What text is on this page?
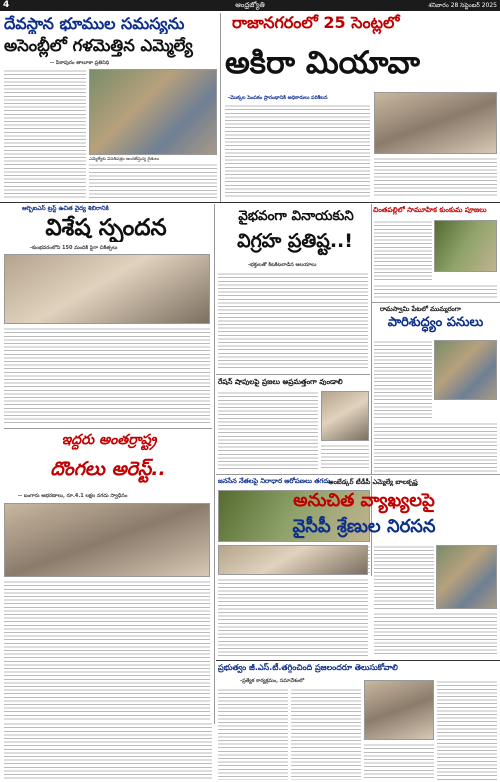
4	ఆంధ్రజ్యోతి	శనివారం 28 సెప్టెంబర్ 2025
దేవస్థాన భూముల సమస్యను
అసెంబ్లీలో గళమెత్తిన ఎమ్మెల్యే
-- పిఠాపురం తాలూకా ప్రతినిధి
ఎమ్మెల్యేకు వినతిపత్రం అందజేస్తున్న రైతులు
రాజానగరంలో 25 సెంట్లలో
అకిరా మియావా
-మొక్కల పెంపకం ప్రారంభానికి అధికారులు పరిశీలన
ఆర్బిఐఎస్ ట్రస్ట్ ఉచిత వైద్య శిబిరానికి
విశేష స్పందన
-కుంభవరంలోని 150 మందికి పైగా చికిత్సలు
వైభవంగా వినాయకుని
విగ్రహ ప్రతిష్ట..!
-భక్తులతో కిటకిటలాడిన ఆలయాలు
చింతపల్లిలో సామూహిక కుంకుమ పూజలు
రామస్వామి పేటలో ముమ్మరంగా
పారిశుద్ధ్యం పనులు
ఇద్దరు అంతర్రాష్ట్ర
దొంగలు అరెస్ట్..
-- బంగారు ఆభరణాలు, రూ.4.1 లక్షల నగదు స్వాధీనం
రేషన్ షాపులపై ప్రజలు అప్రమత్తంగా వుండాలి
జనసేన నేతలపై నిరాధార ఆరోపణలు తగదు
అంబేడ్కర్ టీడీపీ ఎమ్మెల్యే బాలకృష్ణ
అనుచిత వ్యాఖ్యలపై
వైసీపీ శ్రేణుల నిరసన
ప్రభుత్వం జీ.ఎస్.టీ.తగ్గించింది ప్రజలందరూ తెలుసుకోవాలి
-ప్రత్యేక కార్యక్రమం, సమావేశంలో
